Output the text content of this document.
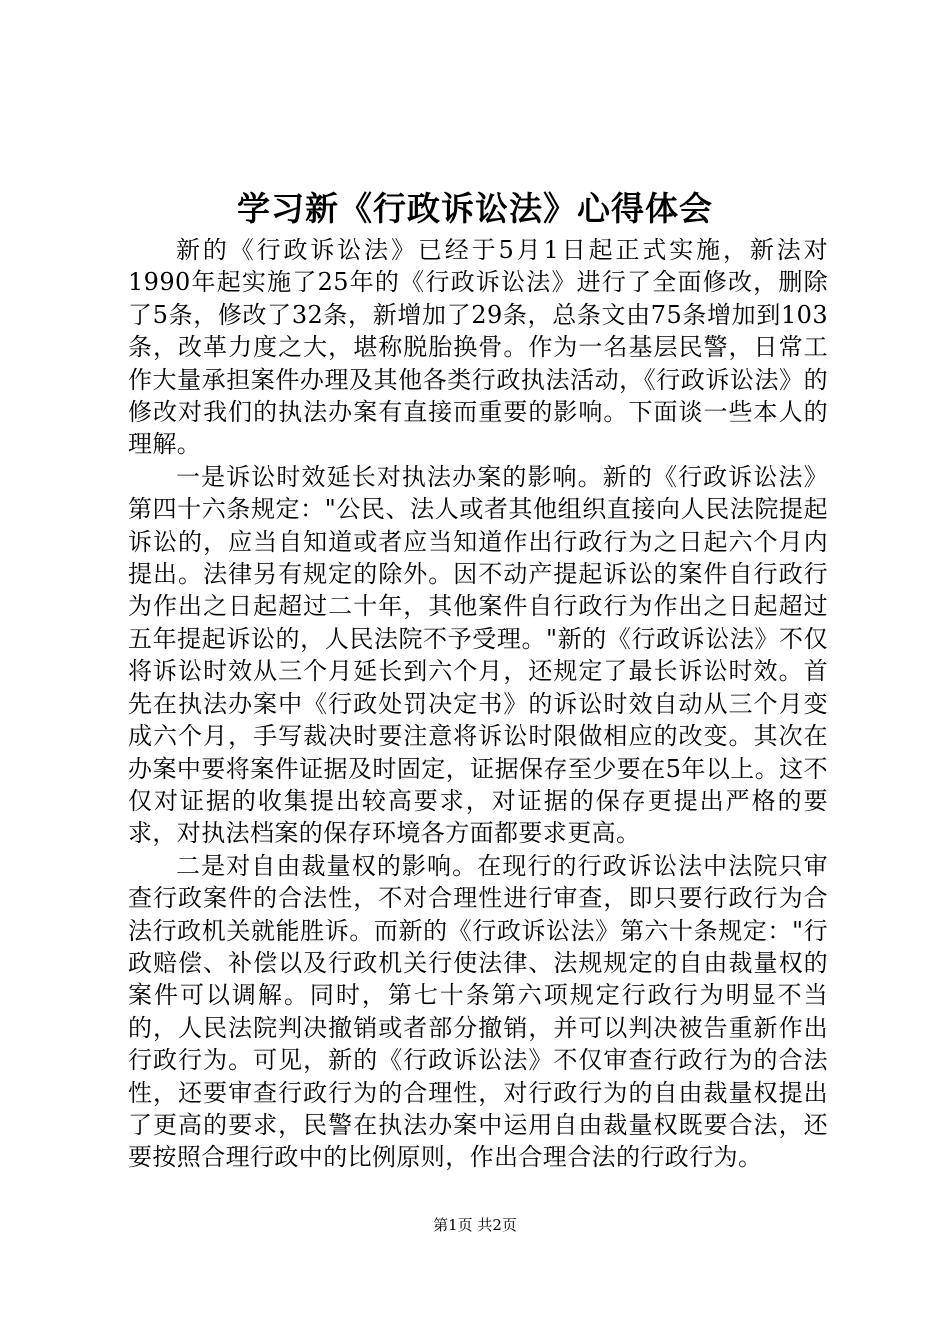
学习新《行政诉讼法》心得体会

新的《行政诉讼法》已经于5月1日起正式实施，新法对1990年起实施了25年的《行政诉讼法》进行了全面修改，删除了5条，修改了32条，新增加了29条，总条文由75条增加到103条，改革力度之大，堪称脱胎换骨。作为一名基层民警，日常工作大量承担案件办理及其他各类行政执法活动，《行政诉讼法》的修改对我们的执法办案有直接而重要的影响。下面谈一些本人的理解。

一是诉讼时效延长对执法办案的影响。新的《行政诉讼法》第四十六条规定："公民、法人或者其他组织直接向人民法院提起诉讼的，应当自知道或者应当知道作出行政行为之日起六个月内提出。法律另有规定的除外。因不动产提起诉讼的案件自行政行为作出之日起超过二十年，其他案件自行政行为作出之日起超过五年提起诉讼的，人民法院不予受理。"新的《行政诉讼法》不仅将诉讼时效从三个月延长到六个月，还规定了最长诉讼时效。首先在执法办案中《行政处罚决定书》的诉讼时效自动从三个月变成六个月，手写裁决时要注意将诉讼时限做相应的改变。其次在办案中要将案件证据及时固定，证据保存至少要在5年以上。这不仅对证据的收集提出较高要求，对证据的保存更提出严格的要求，对执法档案的保存环境各方面都要求更高。

二是对自由裁量权的影响。在现行的行政诉讼法中法院只审查行政案件的合法性，不对合理性进行审查，即只要行政行为合法行政机关就能胜诉。而新的《行政诉讼法》第六十条规定："行政赔偿、补偿以及行政机关行使法律、法规规定的自由裁量权的案件可以调解。同时，第七十条第六项规定行政行为明显不当的，人民法院判决撤销或者部分撤销，并可以判决被告重新作出行政行为。可见，新的《行政诉讼法》不仅审查行政行为的合法性，还要审查行政行为的合理性，对行政行为的自由裁量权提出了更高的要求，民警在执法办案中运用自由裁量权既要合法，还要按照合理行政中的比例原则，作出合理合法的行政行为。

第1页 共2页
